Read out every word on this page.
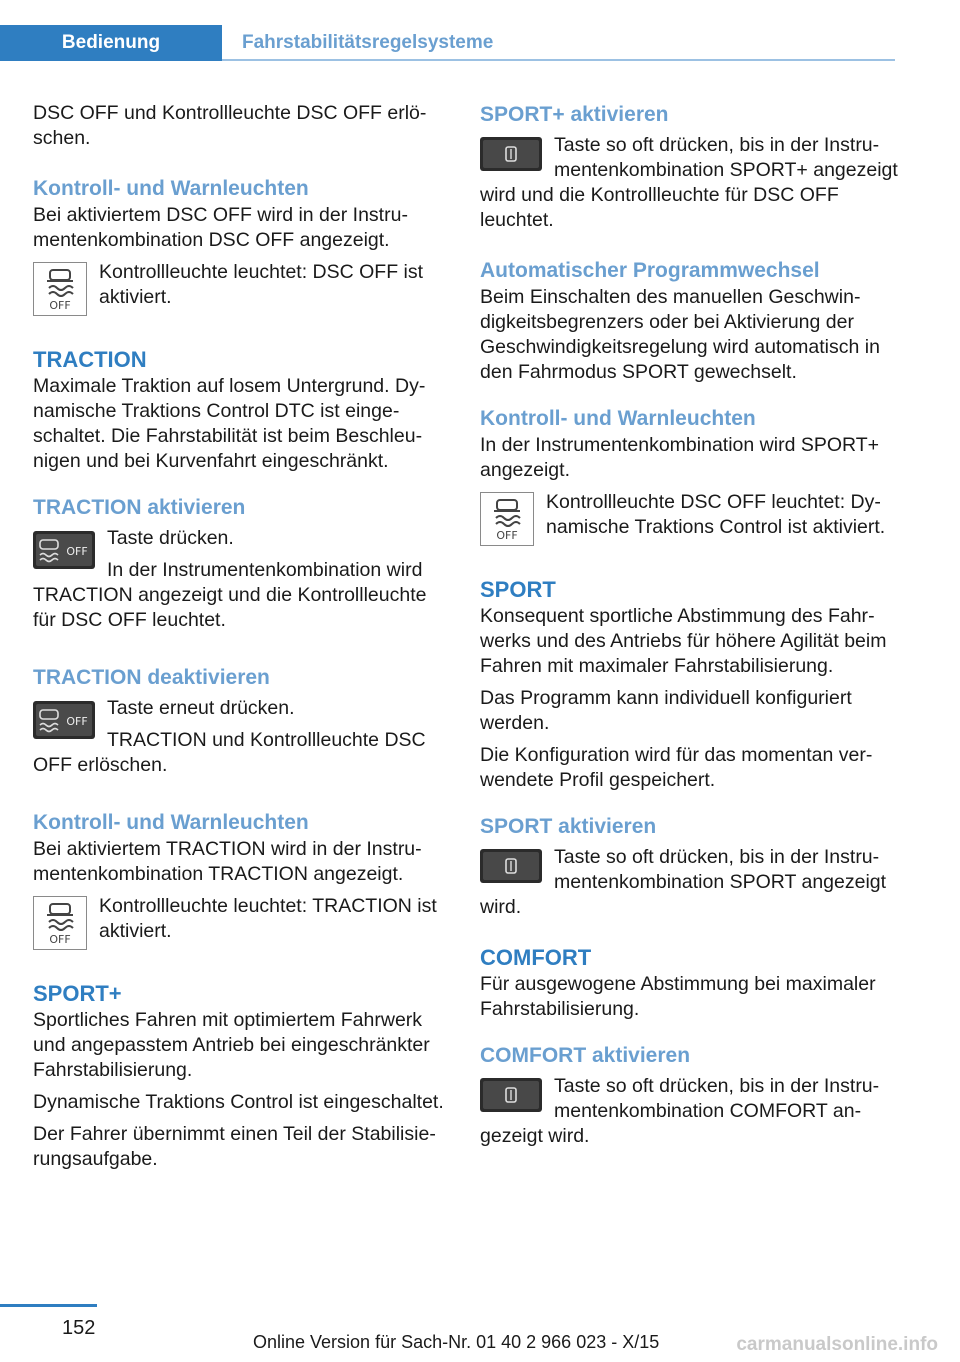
Bedienung	Fahrstabilitätsregelsysteme

DSC OFF und Kontrollleuchte DSC OFF erlöschen.

Kontroll- und Warnleuchten

Bei aktiviertem DSC OFF wird in der Instrumentenkombination DSC OFF angezeigt.

OFF
Kontrollleuchte leuchtet: DSC OFF ist aktiviert.
TRACTION

Maximale Traktion auf losem Untergrund. Dynamische Traktions Control DTC ist eingeschaltet. Die Fahrstabilität ist beim Beschleunigen und bei Kurvenfahrt eingeschränkt.

TRACTION aktivieren
OFF

Taste drücken.

In der Instrumentenkombination wird TRACTION angezeigt und die Kontrollleuchte für DSC OFF leuchtet.

TRACTION deaktivieren
OFF

Taste erneut drücken.

TRACTION und Kontrollleuchte DSC OFF erlöschen.

Kontroll- und Warnleuchten

Bei aktiviertem TRACTION wird in der Instrumentenkombination TRACTION angezeigt.

OFF
Kontrollleuchte leuchtet: TRACTION ist aktiviert.
SPORT+

Sportliches Fahren mit optimiertem Fahrwerk und angepasstem Antrieb bei eingeschränkter Fahrstabilisierung.

Dynamische Traktions Control ist eingeschaltet.

Der Fahrer übernimmt einen Teil der Stabilisierungsaufgabe.

SPORT+ aktivieren
Taste so oft drücken, bis in der Instrumentenkombination SPORT+ angezeigt wird und die Kontrollleuchte für DSC OFF leuchtet.
Automatischer Programmwechsel

Beim Einschalten des manuellen Geschwindigkeitsbegrenzers oder bei Aktivierung der Geschwindigkeitsregelung wird automatisch in den Fahrmodus SPORT gewechselt.

Kontroll- und Warnleuchten

In der Instrumentenkombination wird SPORT+ angezeigt.

OFF
Kontrollleuchte DSC OFF leuchtet: Dynamische Traktions Control ist aktiviert.
SPORT

Konsequent sportliche Abstimmung des Fahrwerks und des Antriebs für höhere Agilität beim Fahren mit maximaler Fahrstabilisierung.

Das Programm kann individuell konfiguriert werden.

Die Konfiguration wird für das momentan verwendete Profil gespeichert.

SPORT aktivieren
Taste so oft drücken, bis in der Instrumentenkombination SPORT angezeigt wird.
COMFORT

Für ausgewogene Abstimmung bei maximaler Fahrstabilisierung.

COMFORT aktivieren
Taste so oft drücken, bis in der Instrumentenkombination COMFORT angezeigt wird.
152
Online Version für Sach-Nr. 01 40 2 966 023 - X/15	carmanualsonline.info
